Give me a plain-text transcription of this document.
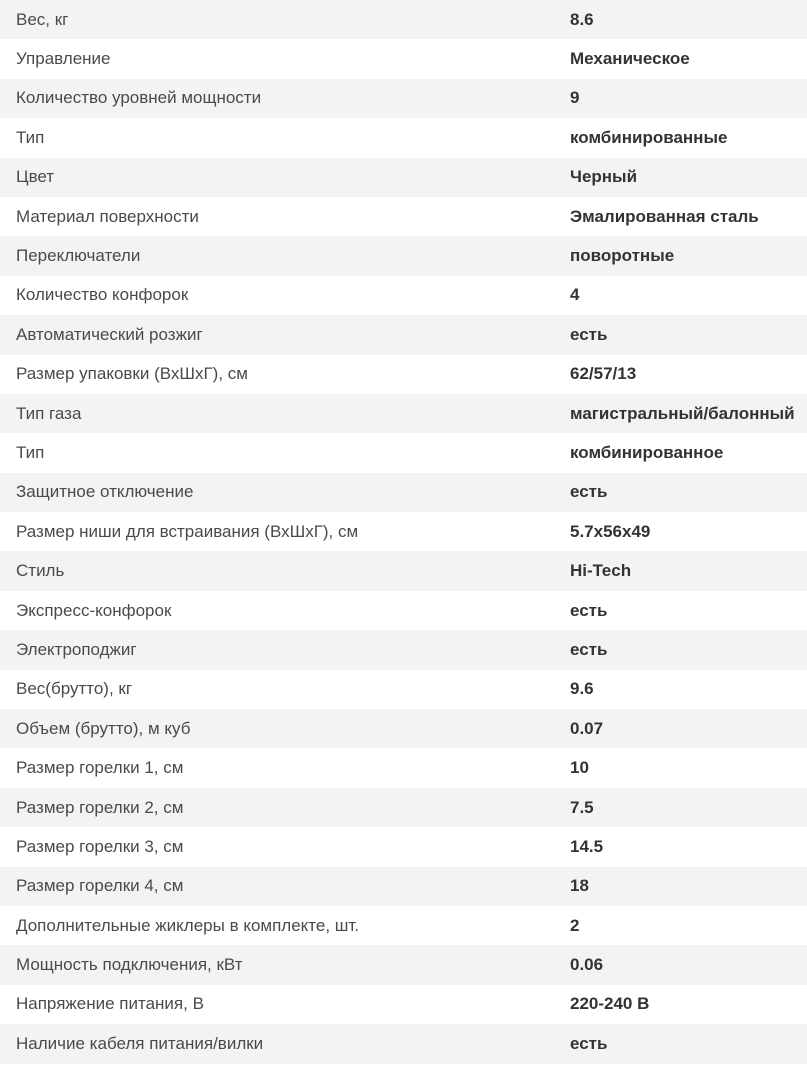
Вес, кг	8.6
Управление	Механическое
Количество уровней мощности	9
Тип	комбинированные
Цвет	Черный
Материал поверхности	Эмалированная сталь
Переключатели	поворотные
Количество конфорок	4
Автоматический розжиг	есть
Размер упаковки (ВхШхГ), см	62/57/13
Тип газа	магистральный/балонный
Тип	комбинированное
Защитное отключение	есть
Размер ниши для встраивания (ВхШхГ), см	5.7x56x49
Стиль	Hi-Tech
Экспресс-конфорок	есть
Электроподжиг	есть
Вес(брутто), кг	9.6
Объем (брутто), м куб	0.07
Размер горелки 1, см	10
Размер горелки 2, см	7.5
Размер горелки 3, см	14.5
Размер горелки 4, см	18
Дополнительные жиклеры в комплекте, шт.	2
Мощность подключения, кВт	0.06
Напряжение питания, В	220-240 В
Наличие кабеля питания/вилки	есть
